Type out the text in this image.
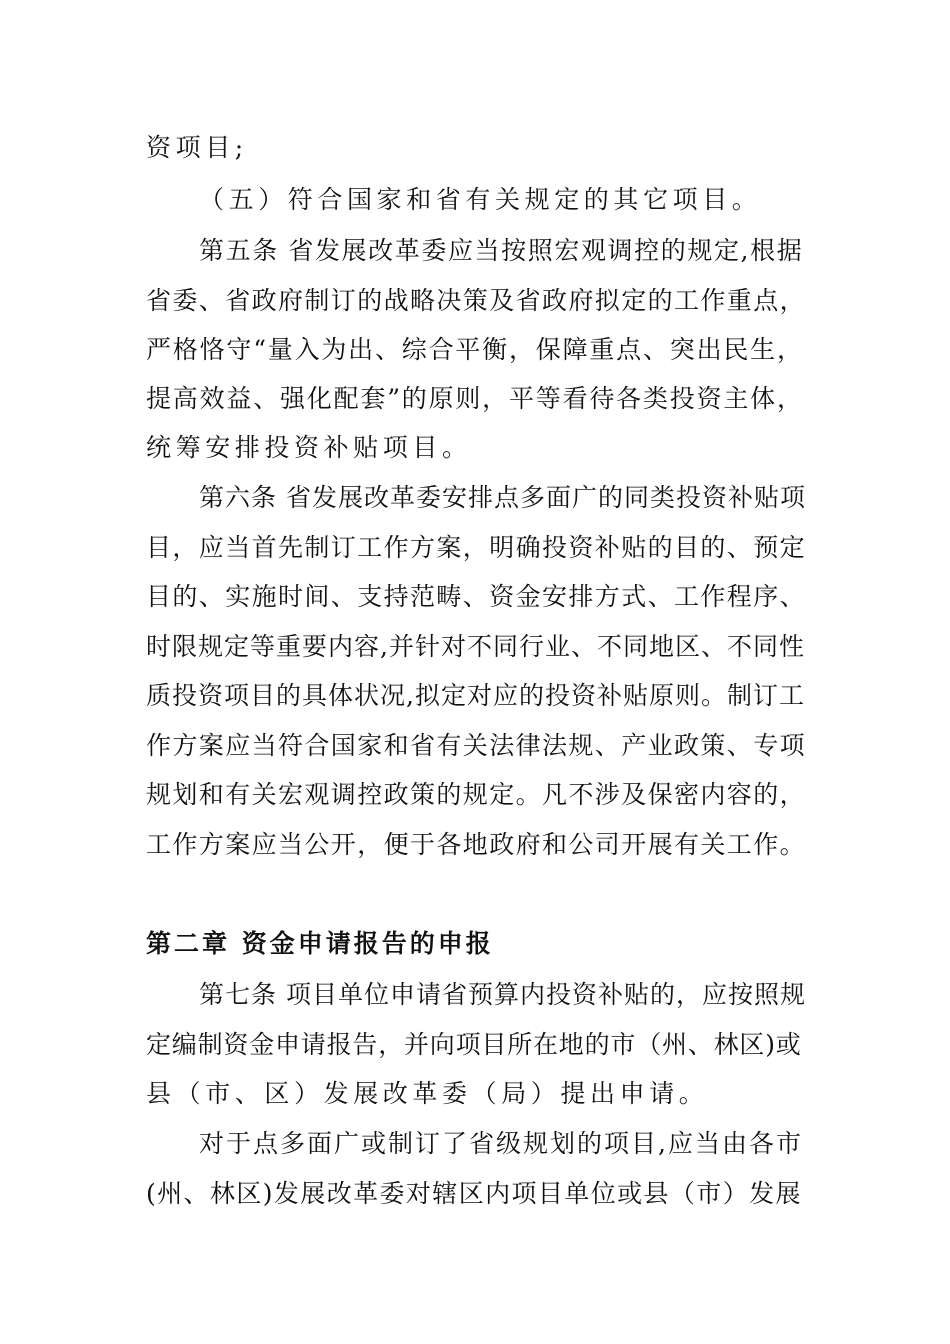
资项目;
（五）符合国家和省有关规定的其它项目。
第五条 省发展改革委应当按照宏观调控的规定,根据
省委、省政府制订的战略决策及省政府拟定的工作重点，
严格恪守“量入为出、综合平衡，保障重点、突出民生，
提高效益、强化配套”的原则，平等看待各类投资主体，
统筹安排投资补贴项目。
第六条 省发展改革委安排点多面广的同类投资补贴项
目，应当首先制订工作方案，明确投资补贴的目的、预定
目的、实施时间、支持范畴、资金安排方式、工作程序、
时限规定等重要内容,并针对不同行业、不同地区、不同性
质投资项目的具体状况,拟定对应的投资补贴原则。制订工
作方案应当符合国家和省有关法律法规、产业政策、专项
规划和有关宏观调控政策的规定。凡不涉及保密内容的，
工作方案应当公开，便于各地政府和公司开展有关工作。
第二章 资金申请报告的申报
第七条 项目单位申请省预算内投资补贴的，应按照规
定编制资金申请报告，并向项目所在地的市（州、林区)或
县（市、区）发展改革委（局）提出申请。
对于点多面广或制订了省级规划的项目,应当由各市
(州、林区)发展改革委对辖区内项目单位或县（市）发展
